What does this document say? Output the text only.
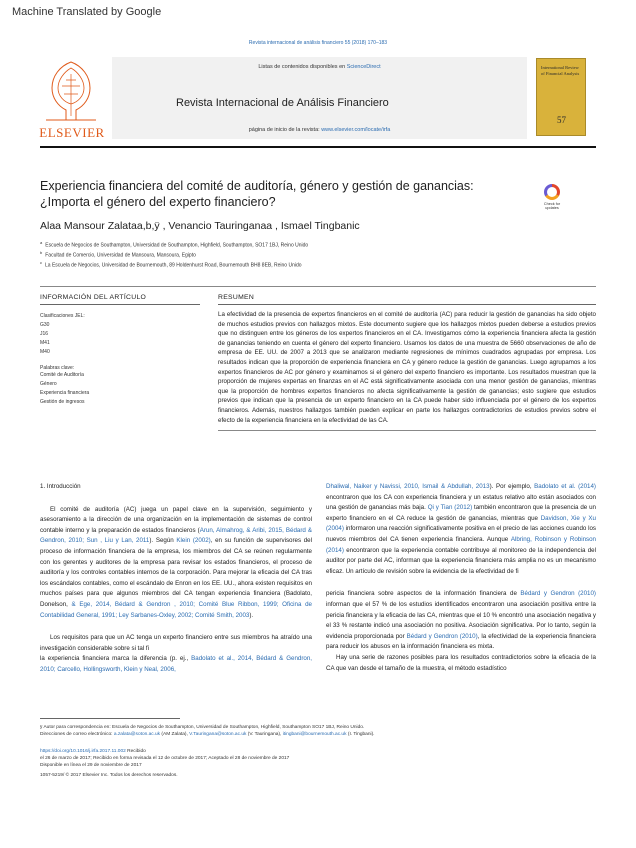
Machine Translated by Google
Revista internacional de análisis financiero 55 (2018) 170–183
ELSEVIER
Listas de contenidos disponibles en ScienceDirect
Revista Internacional de Análisis Financiero
página de inicio de la revista: www.elsevier.com/locate/irfa
International Review of Financial Analysis
57
Experiencia financiera del comité de auditoría, género y gestión de ganancias: ¿Importa el género del experto financiero?	Check for updates
Alaa Mansour Zalataa,b,ÿ , Venancio Tauringanaa , Ismael Tingbanic
$^a$Escuela de Negocios de Southampton, Universidad de Southampton, Highfield, Southampton, SO17 1BJ, Reino Unido
$^b$Facultad de Comercio, Universidad de Mansoura, Mansoura, Egipto
$^c$La Escuela de Negocios, Universidad de Bournemouth, 89 Holdenhurst Road, Bournemouth BH8 8EB, Reino Unido
INFORMACIÓN DEL ARTÍCULO
Clasificaciones JEL:
G30
J16
M41
M40
Palabras clave:
Comité de Auditoría
Género
Experiencia financiera
Gestión de ingresos
RESUMEN
La efectividad de la presencia de expertos financieros en el comité de auditoría (AC) para reducir la gestión de ganancias ha sido objeto de muchos estudios previos con hallazgos mixtos. Este documento sugiere que los hallazgos mixtos pueden deberse a estudios previos que no distinguen entre los géneros de los expertos financieros en el CA. Investigamos cómo la experiencia financiera afecta la gestión de ganancias teniendo en cuenta el género del experto financiero. Usamos los datos de una muestra de 5660 observaciones de año de empresa de EE. UU. de 2007 a 2013 que se analizaron mediante regresiones de mínimos cuadrados agrupadas por empresa. Los resultados indican que la proporción de experiencia financiera en CA y género reduce la gestión de ganancias. Luego agrupamos a los expertos financieros de AC por género y examinamos si el género del experto financiero es importante. Los resultados muestran que la proporción de mujeres expertas en finanzas en el AC está significativamente asociada con una menor gestión de ganancias, mientras que la proporción de hombres expertos financieros no afecta significativamente la gestión de ganancias; esto sugiere que estudios previos que indican que la presencia de un experto financiero en la CA puede haber sido influenciada por el género de los expertos financieros. Además, nuestros hallazgos también pueden explicar en parte los hallazgos contradictorios de estudios previos sobre el efecto de la experiencia financiera en la efectividad de las CA.

1. Introducción

El comité de auditoría (AC) juega un papel clave en la supervisión, seguimiento y asesoramiento a la dirección de una organización en la implementación de sistemas de control contable interno y la preparación de estados financieros (Arun, Almahrog, & Aribi, 2015, Bédard & Gendron, 2010; Sun , Liu y Lan, 2011). Según Klein (2002), en su función de supervisores del proceso de información financiera de la empresa, los miembros del CA se reúnen regularmente con los gerentes y auditores de la empresa para revisar los estados financieros, el proceso de auditoría y los controles contables internos de la corporación. Para mejorar la eficacia del CA tras los escándalos contables, como el escándalo de Enron en los EE. UU., ahora existen requisitos en muchos países para que algunos miembros del CA tengan experiencia financiera (Badolato, Donelson, & Ege, 2014, Bédard & Gendron , 2010; Comité Blue Ribbon, 1999; Oficina de Contabilidad General, 1991; Ley Sarbanes-Oxley, 2002; Comité Smith, 2003).

Los requisitos para que un AC tenga un experto financiero entre sus miembros ha atraído una investigación considerable sobre si tal fi

la experiencia financiera marca la diferencia (p. ej., Badolato et al., 2014, Bédard & Gendron, 2010; Carcello, Hollingsworth, Klein y Neal, 2006,

Dhaliwal, Naiker y Navissi, 2010, Ismail & Abdullah, 2013). Por ejemplo, Badolato et al. (2014) encontraron que los CA con experiencia financiera y un estatus relativo alto están asociados con una gestión de ganancias más baja. Qi y Tian (2012) también encontraron que la presencia de un experto financiero en el CA reduce la gestión de ganancias, mientras que Davidson, Xie y Xu (2004) informaron una reacción significativamente positiva en el precio de las acciones cuando los nuevos miembros del CA tienen experiencia financiera. Aunque Albring, Robinson y Robinson (2014) encontraron que la experiencia contable contribuye al monitoreo de la independencia del auditor por parte del AC, informan que la experiencia financiera más amplia no es un mecanismo eficaz. Un artículo de revisión sobre la evidencia de la efectividad de fi

pericia financiera sobre aspectos de la información financiera de Bédard y Gendron (2010) informan que el 57 % de los estudios identificados encontraron una asociación positiva entre la pericia financiera y la eficacia de las CA, mientras que el 10 % encontró una asociación negativa y el 33 % restante indicó una asociación no positiva. Asociación significativa. Por lo tanto, según la evidencia proporcionada por Bédard y Gendron (2010), la efectividad de la experiencia financiera para reducir los abusos en la información financiera es mixta.

Hay una serie de razones posibles para los resultados contradictorios sobre la eficacia de la CA que van desde el tamaño de la muestra, el método estadístico

ÿ Autor para correspondencia en: Escuela de Negocios de Southampton, Universidad de Southampton, Highfield, Southampton SO17 1BJ, Reino Unido.
Direcciones de correo electrónico: a.zalata@soton.ac.uk (AM Zalata), V.Tauringana@soton.ac.uk (V. Tauringana), itingbani@bournemouth.ac.uk (I. Tingbani).
https://doi.org/10.1016/j.irfa.2017.11.002 Recibido
el 26 de marzo de 2017; Recibido en forma revisada el 12 de octubre de 2017; Aceptado el 28 de noviembre de 2017
Disponible en línea el 29 de noviembre de 2017
1057-5219/ © 2017 Elsevier Inc. Todos los derechos reservados.
